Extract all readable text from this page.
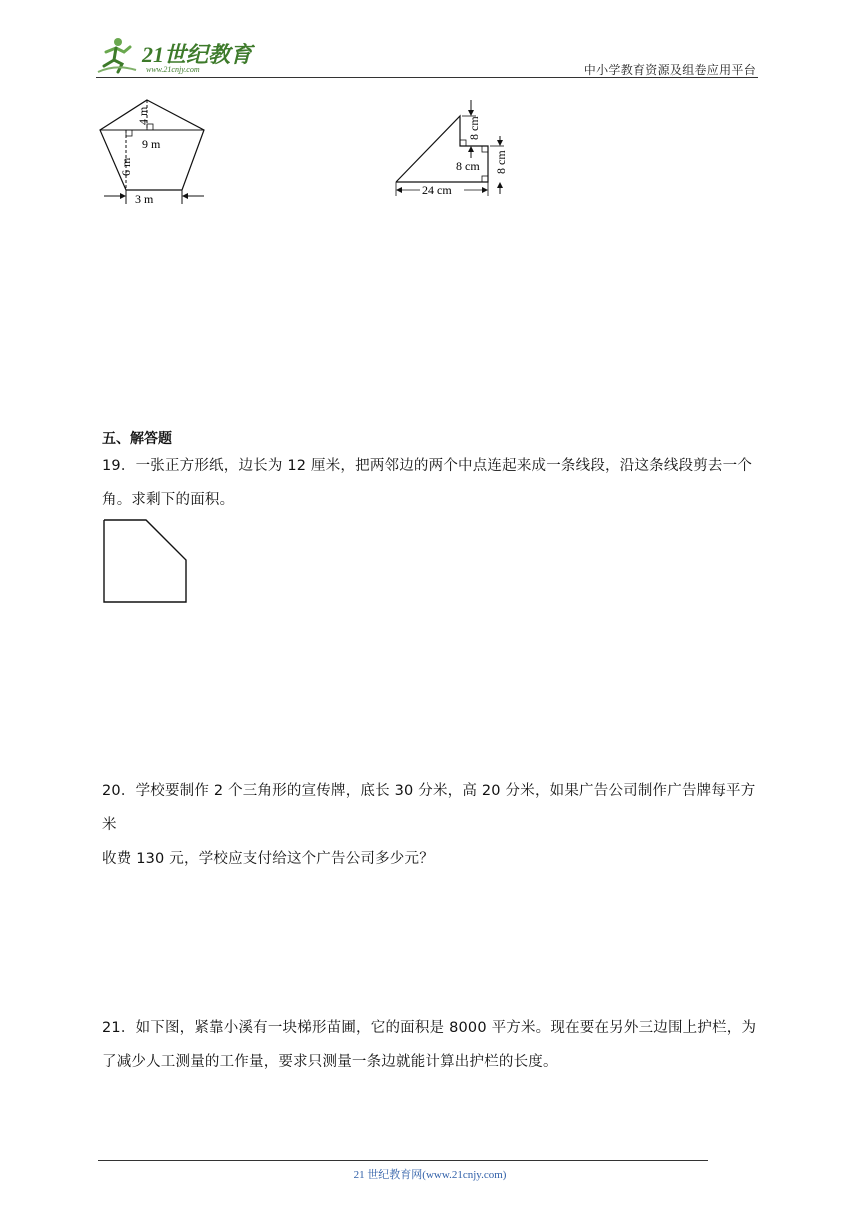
21世纪教育
www.21cnjy.com	中小学教育资源及组卷应用平台
4 m
9 m
6 m
3 m
8 cm
8 cm 8 cm
24 cm
五、解答题
19．一张正方形纸，边长为 12 厘米，把两邻边的两个中点连起来成一条线段，沿这条线段剪去一个
角。求剩下的面积。
20．学校要制作 2 个三角形的宣传牌，底长 30 分米，高 20 分米，如果广告公司制作广告牌每平方米
收费 130 元，学校应支付给这个广告公司多少元？
21．如下图，紧靠小溪有一块梯形苗圃，它的面积是 8000 平方米。现在要在另外三边围上护栏，为
了减少人工测量的工作量，要求只测量一条边就能计算出护栏的长度。
21 世纪教育网(www.21cnjy.com)
